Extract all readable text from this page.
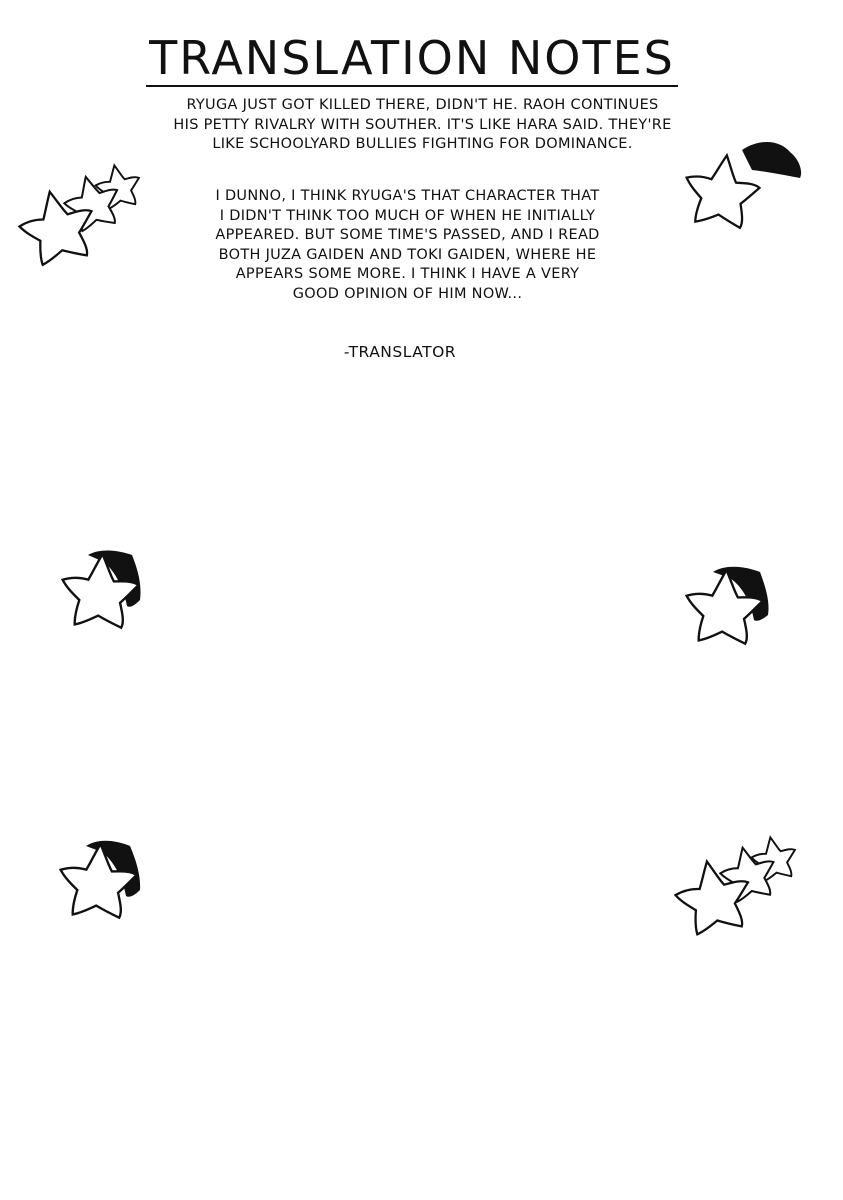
TRANSLATION NOTES
RYUGA JUST GOT KILLED THERE, DIDN'T HE. RAOH CONTINUES
HIS PETTY RIVALRY WITH SOUTHER. IT'S LIKE HARA SAID. THEY'RE
LIKE SCHOOLYARD BULLIES FIGHTING FOR DOMINANCE.
I DUNNO, I THINK RYUGA'S THAT CHARACTER THAT
I DIDN'T THINK TOO MUCH OF WHEN HE INITIALLY
APPEARED. BUT SOME TIME'S PASSED, AND I READ
BOTH JUZA GAIDEN AND TOKI GAIDEN, WHERE HE
APPEARS SOME MORE. I THINK I HAVE A VERY
GOOD OPINION OF HIM NOW...
-TRANSLATOR
